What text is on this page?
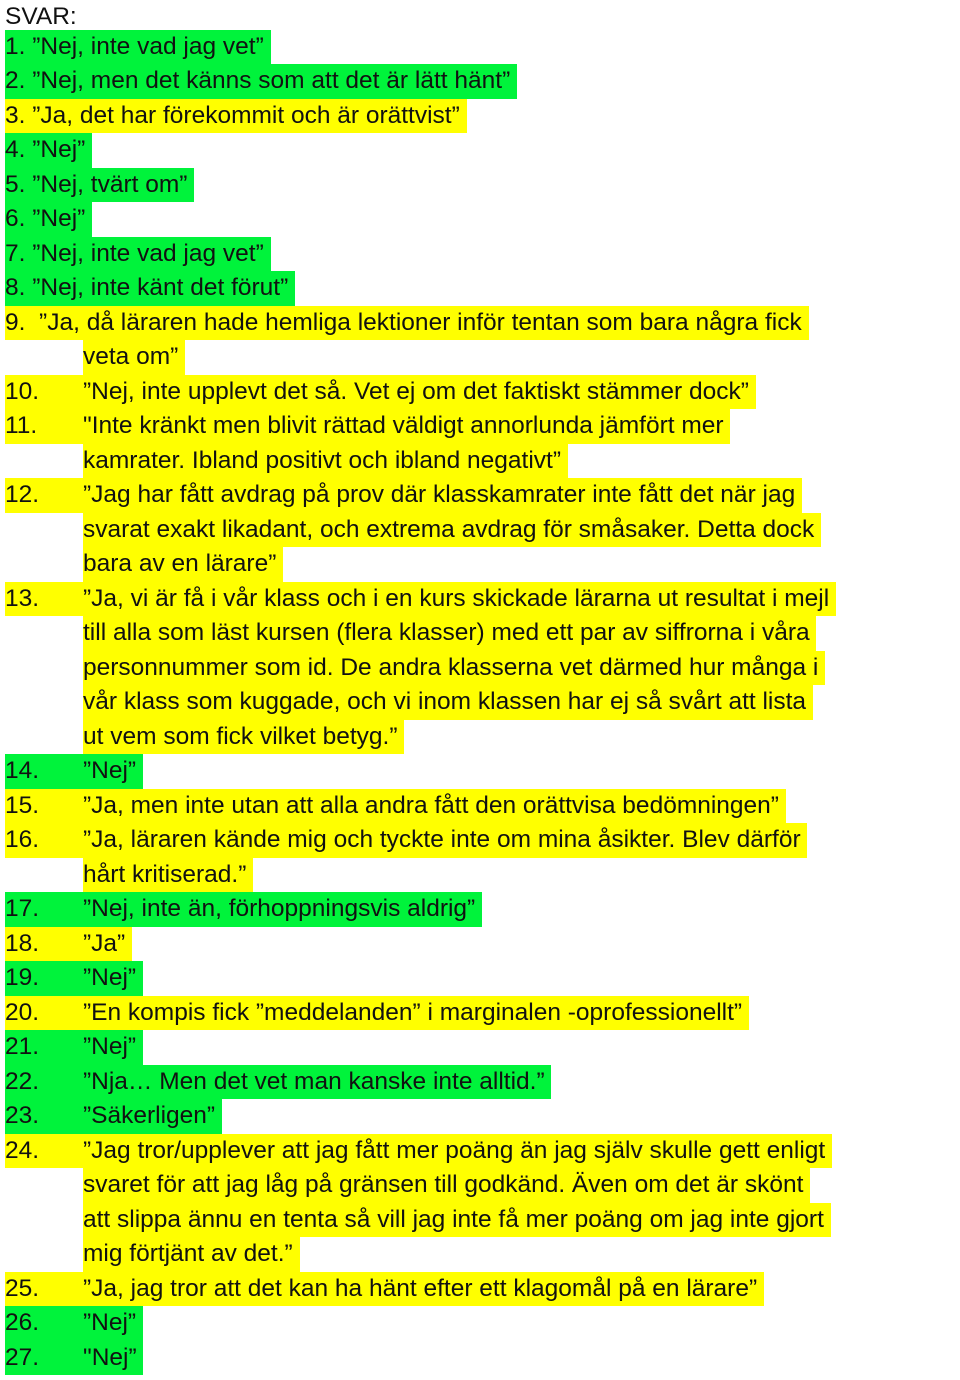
SVAR:
1. ”Nej, inte vad jag vet”
2. ”Nej, men det känns som att det är lätt hänt”
3. ”Ja, det har förekommit och är orättvist”
4. ”Nej”
5. ”Nej, tvärt om”
6. ”Nej”
7. ”Nej, inte vad jag vet”
8. ”Nej, inte känt det förut”
9.  ”Ja, då läraren hade hemliga lektioner inför tentan som bara några fick
veta om”
10. ”Nej, inte upplevt det så. Vet ej om det faktiskt stämmer dock”
11. "Inte kränkt men blivit rättad väldigt annorlunda jämfört mer
kamrater. Ibland positivt och ibland negativt”
12. ”Jag har fått avdrag på prov där klasskamrater inte fått det när jag
svarat exakt likadant, och extrema avdrag för småsaker. Detta dock
bara av en lärare”
13. ”Ja, vi är få i vår klass och i en kurs skickade lärarna ut resultat i mejl
till alla som läst kursen (flera klasser) med ett par av siffrorna i våra
personnummer som id. De andra klasserna vet därmed hur många i
vår klass som kuggade, och vi inom klassen har ej så svårt att lista
ut vem som fick vilket betyg.”
14. ”Nej”
15. ”Ja, men inte utan att alla andra fått den orättvisa bedömningen”
16. ”Ja, läraren kände mig och tyckte inte om mina åsikter. Blev därför
hårt kritiserad.”
17. ”Nej, inte än, förhoppningsvis aldrig”
18. ”Ja”
19. ”Nej”
20. ”En kompis fick ”meddelanden” i marginalen -oprofessionellt”
21. ”Nej”
22. ”Nja… Men det vet man kanske inte alltid.”
23. ”Säkerligen”
24. ”Jag tror/upplever att jag fått mer poäng än jag själv skulle gett enligt
svaret för att jag låg på gränsen till godkänd. Även om det är skönt
att slippa ännu en tenta så vill jag inte få mer poäng om jag inte gjort
mig förtjänt av det.”
25. ”Ja, jag tror att det kan ha hänt efter ett klagomål på en lärare”
26. ”Nej”
27. "Nej”
